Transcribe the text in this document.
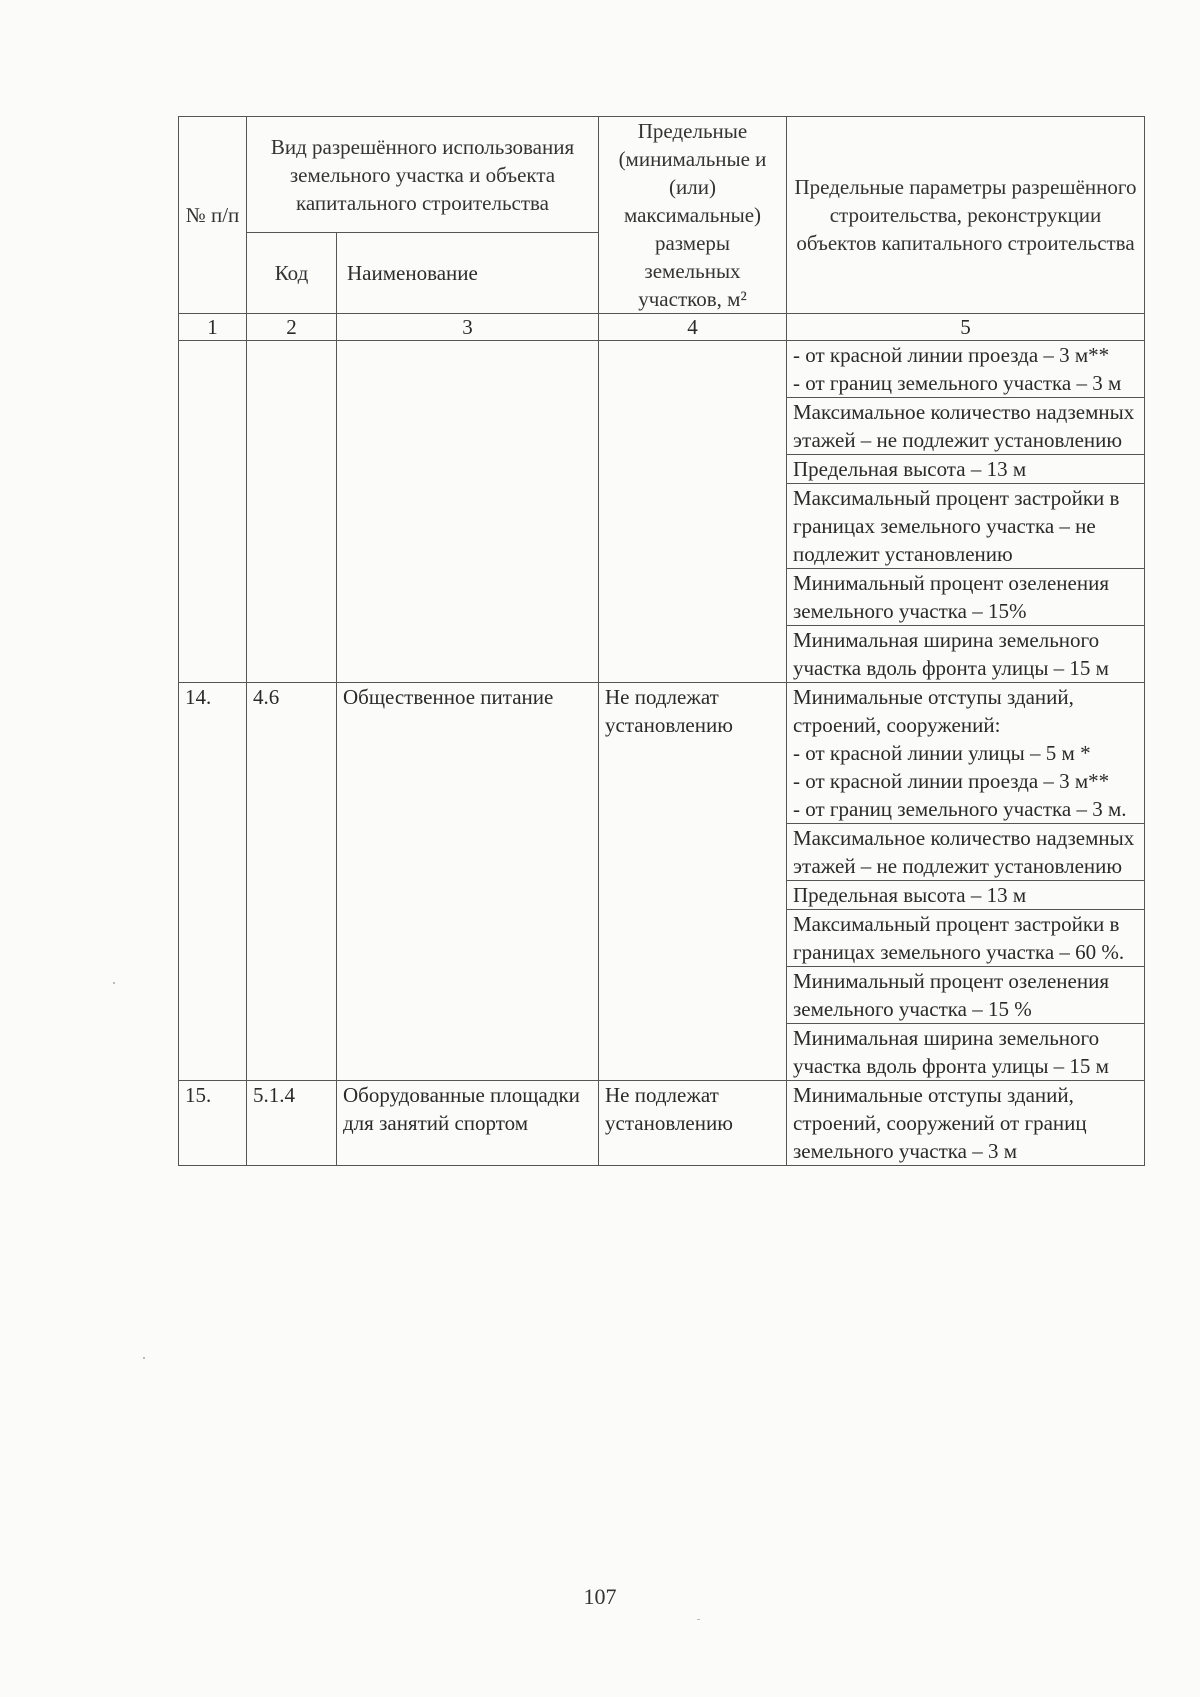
№ п/п	Вид разрешённого использования земельного участка и объекта капитального строительства		Предельные (минимальные и (или) максимальные) размеры земельных участков, м²	Предельные параметры разрешённого строительства, реконструкции объектов капитального строительства
	Код	Наименование		
1	2	3	4	5

				- от красной линии проезда – 3 м**
- от границ земельного участка – 3 м

				Максимальное количество надземных этажей – не подлежит установлению
				Предельная высота – 13 м
				Максимальный процент застройки в границах земельного участка – не подлежит установлению
				Минимальный процент озеленения земельного участка – 15%
				Минимальная ширина земельного участка вдоль фронта улицы – 15 м
14.	4.6	Общественное питание	Не подлежат установлению	Минимальные отступы зданий, строений, сооружений:
- от красной линии улицы – 5 м *
- от красной линии проезда – 3 м**
- от границ земельного участка – 3 м.

				Максимальное количество надземных этажей – не подлежит установлению
				Предельная высота – 13 м
				Максимальный процент застройки в границах земельного участка – 60 %.
				Минимальный процент озеленения земельного участка – 15 %
				Минимальная ширина земельного участка вдоль фронта улицы – 15 м
15.	5.1.4	Оборудованные площадки для занятий спортом	Не подлежат установлению	Минимальные отступы зданий, строений, сооружений от границ земельного участка – 3 м
107
